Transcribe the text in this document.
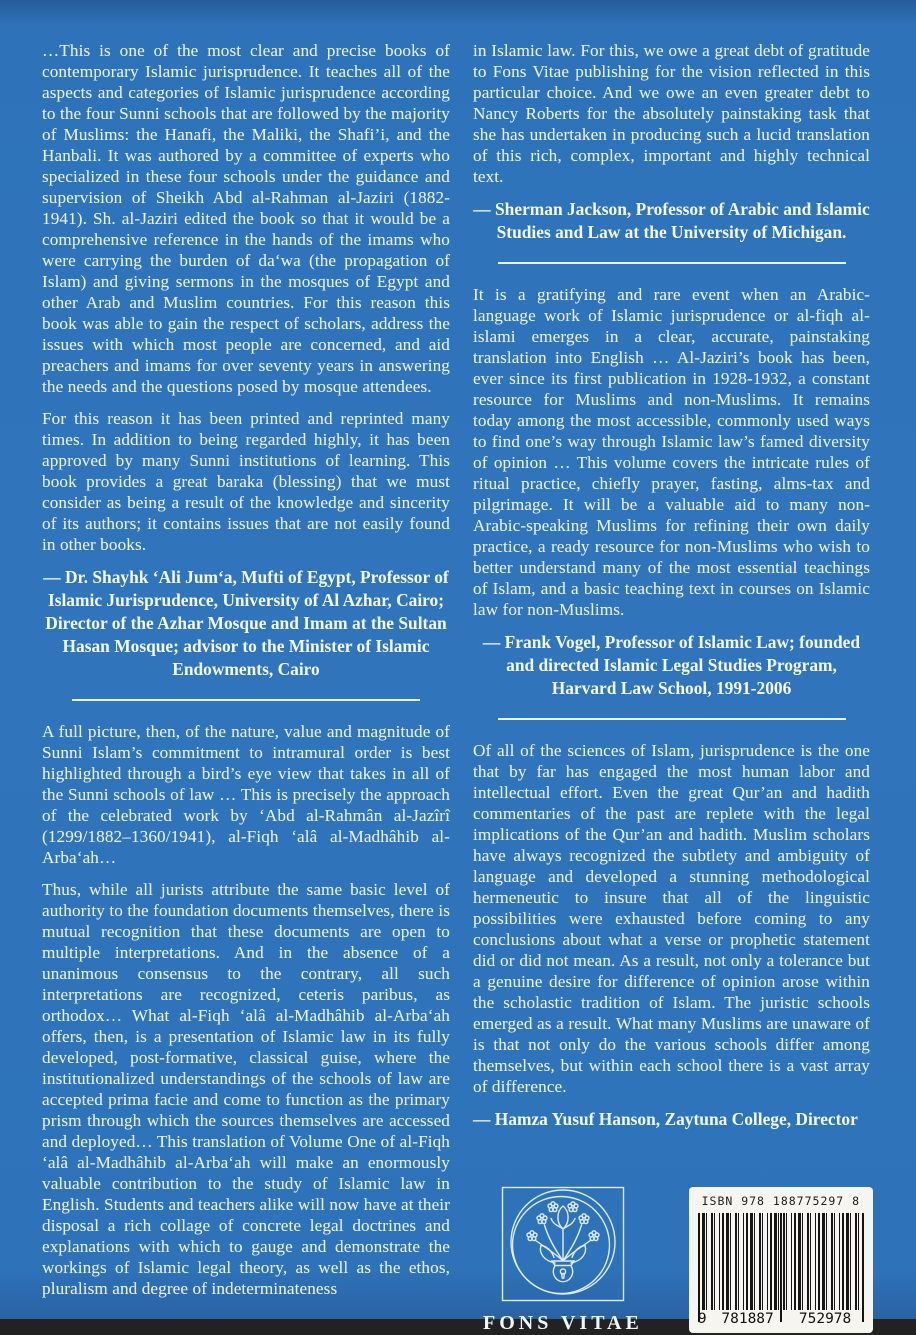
…This is one of the most clear and precise books of contemporary Islamic jurisprudence. It teaches all of the aspects and categories of Islamic jurisprudence according to the four Sunni schools that are followed by the majority of Muslims: the Hanafi, the Maliki, the Shafi’i, and the Hanbali. It was authored by a committee of experts who specialized in these four schools under the guidance and supervision of Sheikh Abd al-Rahman al-Jaziri (1882-1941). Sh. al-Jaziri edited the book so that it would be a comprehensive reference in the hands of the imams who were carrying the burden of da‘wa (the propagation of Islam) and giving sermons in the mosques of Egypt and other Arab and Muslim countries. For this reason this book was able to gain the respect of scholars, address the issues with which most people are concerned, and aid preachers and imams for over seventy years in answering the needs and the questions posed by mosque attendees.

For this reason it has been printed and reprinted many times. In addition to being regarded highly, it has been approved by many Sunni institutions of learning. This book provides a great baraka (blessing) that we must consider as being a result of the knowledge and sincerity of its authors; it contains issues that are not easily found in other books.

— Dr. Shayhk ‘Ali Jum‘a, Mufti of Egypt, Professor of Islamic Jurisprudence, University of Al Azhar, Cairo; Director of the Azhar Mosque and Imam at the Sultan Hasan Mosque; advisor to the Minister of Islamic Endowments, Cairo

A full picture, then, of the nature, value and magnitude of Sunni Islam’s commitment to intramural order is best highlighted through a bird’s eye view that takes in all of the Sunni schools of law … This is precisely the approach of the celebrated work by ‘Abd al-Rahmân al-Jazîrî (1299/1882–1360/1941), al-Fiqh ‘alâ al-Madhâhib al-Arba‘ah…

Thus, while all jurists attribute the same basic level of authority to the foundation documents themselves, there is mutual recognition that these documents are open to multiple interpretations. And in the absence of a unanimous consensus to the contrary, all such interpretations are recognized, ceteris paribus, as orthodox… What al-Fiqh ‘alâ al-Madhâhib al-Arba‘ah offers, then, is a presentation of Islamic law in its fully developed, post-formative, classical guise, where the institutionalized understandings of the schools of law are accepted prima facie and come to function as the primary prism through which the sources themselves are accessed and deployed… This translation of Volume One of al-Fiqh ‘alâ al-Madhâhib al-Arba‘ah will make an enormously valuable contribution to the study of Islamic law in English. Students and teachers alike will now have at their disposal a rich collage of concrete legal doctrines and explanations with which to gauge and demonstrate the workings of Islamic legal theory, as well as the ethos, pluralism and degree of indeterminateness

in Islamic law. For this, we owe a great debt of gratitude to Fons Vitae publishing for the vision reflected in this particular choice. And we owe an even greater debt to Nancy Roberts for the absolutely painstaking task that she has undertaken in producing such a lucid translation of this rich, complex, important and highly technical text.

— Sherman Jackson, Professor of Arabic and Islamic Studies and Law at the University of Michigan.

It is a gratifying and rare event when an Arabic-language work of Islamic jurisprudence or al-fiqh al-islami emerges in a clear, accurate, painstaking translation into English … Al-Jaziri’s book has been, ever since its first publication in 1928-1932, a constant resource for Muslims and non-Muslims. It remains today among the most accessible, commonly used ways to find one’s way through Islamic law’s famed diversity of opinion … This volume covers the intricate rules of ritual practice, chiefly prayer, fasting, alms-tax and pilgrimage. It will be a valuable aid to many non-Arabic-speaking Muslims for refining their own daily practice, a ready resource for non-Muslims who wish to better understand many of the most essential teachings of Islam, and a basic teaching text in courses on Islamic law for non-Muslims.

— Frank Vogel, Professor of Islamic Law; founded and directed Islamic Legal Studies Program, Harvard Law School, 1991-2006

Of all of the sciences of Islam, jurisprudence is the one that by far has engaged the most human labor and intellectual effort. Even the great Qur’an and hadith commentaries of the past are replete with the legal implications of the Qur’an and hadith. Muslim scholars have always recognized the subtlety and ambiguity of language and developed a stunning methodological hermeneutic to insure that all of the linguistic possibilities were exhausted before coming to any conclusions about what a verse or prophetic statement did or did not mean. As a result, not only a tolerance but a genuine desire for difference of opinion arose within the scholastic tradition of Islam. The juristic schools emerged as a result. What many Muslims are unaware of is that not only do the various schools differ among themselves, but within each school there is a vast array of difference.

— Hamza Yusuf Hanson, Zaytuna College, Director

FONS VITAE
ISBN 978 188775297 8
9	781887	752978
